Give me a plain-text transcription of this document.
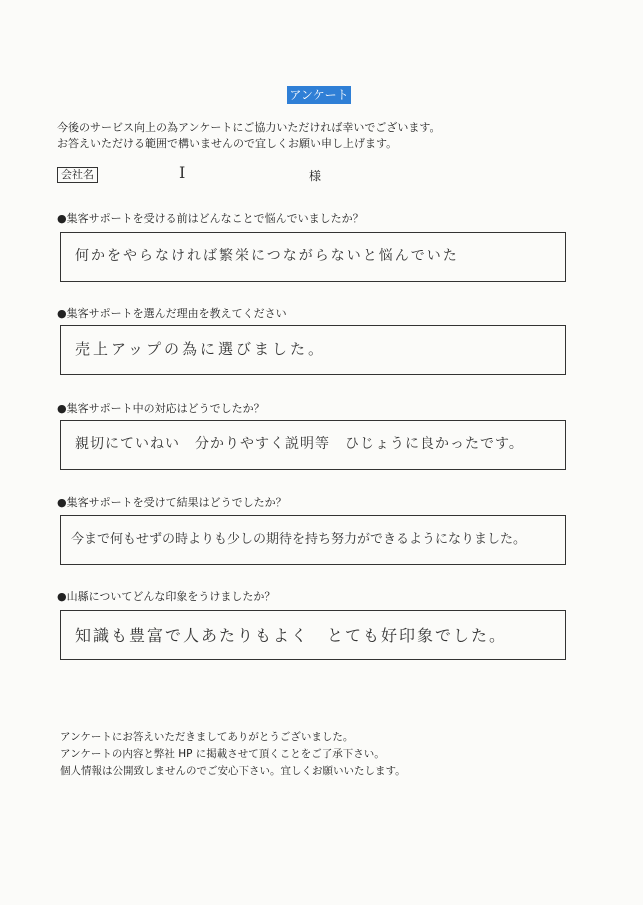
アンケート
今後のサービス向上の為アンケートにご協力いただければ幸いでございます。
お答えいただける範囲で構いませんので宜しくお願い申し上げます。
会社名	I	様
●集客サポートを受ける前はどんなことで悩んでいましたか？
何かをやらなければ繁栄につながらないと悩んでいた
●集客サポートを選んだ理由を教えてください
売上アップの為に選びました。
●集客サポート中の対応はどうでしたか？
親切にていねい　分かりやすく説明等　ひじょうに良かったです。
●集客サポートを受けて結果はどうでしたか？
今まで何もせずの時よりも少しの期待を持ち努力ができるようになりました。
●山縣についてどんな印象をうけましたか？
知識も豊富で人あたりもよく　とても好印象でした。
アンケートにお答えいただきましてありがとうございました。
アンケートの内容と弊社 HP に掲載させて頂くことをご了承下さい。
個人情報は公開致しませんのでご安心下さい。宜しくお願いいたします。
